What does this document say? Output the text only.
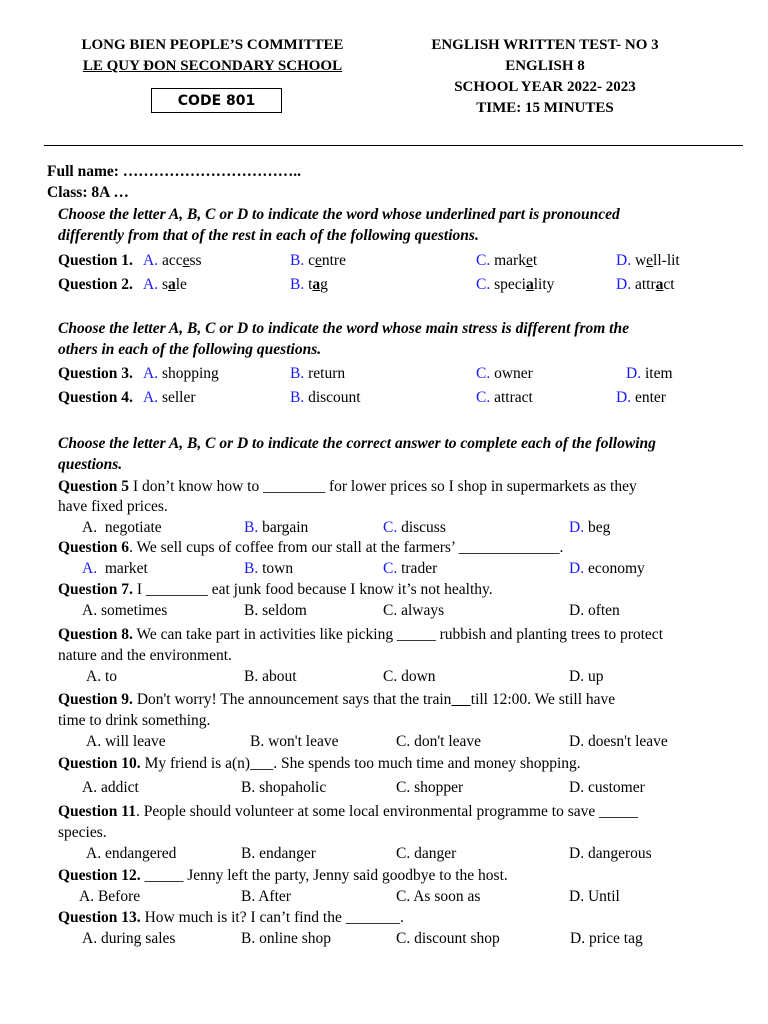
LONG BIEN PEOPLE’S COMMITTEE
LE QUY ĐON SECONDARY SCHOOL
CODE 801
ENGLISH WRITTEN TEST- NO 3
ENGLISH 8
SCHOOL YEAR 2022- 2023
TIME: 15 MINUTES
Full name: ……………………………..
Class: 8A …
Choose the letter A, B, C or D to indicate the word whose underlined part is pronounced
differently from that of the rest in each of the following questions.
Question 1. A. access	B. centre	C. market	D. well-lit
Question 2. A. sale	B. tag	C. speciality	D. attract
Choose the letter A, B, C or D to indicate the word whose main stress is different from the
others in each of the following questions.
Question 3. A. shopping	B. return	C. owner	D. item
Question 4. A. seller	B. discount	C. attract	D. enter
Choose the letter A, B, C or D to indicate the correct answer to complete each of the following
questions.
Question 5 I don’t know how to ________ for lower prices so I shop in supermarkets as they
have fixed prices.
A. negotiate	B. bargain	C. discuss	D. beg
Question 6. We sell cups of coffee from our stall at the farmers’ _____________.
A. market	B. town	C. trader	D. economy
Question 7. I ________ eat junk food because I know it’s not healthy.
A. sometimes	B. seldom	C. always	D. often
Question 8. We can take part in activities like picking _____ rubbish and planting trees to protect
nature and the environment.
A. to	B. about	C. down	D. up
Question 9. Don't worry! The announcement says that the train till 12:00. We still have
time to drink something.
A. will leave	B. won't leave	C. don't leave	D. doesn't leave
Question 10. My friend is a(n)___. She spends too much time and money shopping.
A. addict	B. shopaholic	C. shopper	D. customer
Question 11. People should volunteer at some local environmental programme to save _____
species.
A. endangered	B. endanger	C. danger	D. dangerous
Question 12. _____ Jenny left the party, Jenny said goodbye to the host.
A. Before	B. After	C. As soon as	D. Until
Question 13. How much is it? I can’t find the _______.
A. during sales	B. online shop	C. discount shop	D. price tag
